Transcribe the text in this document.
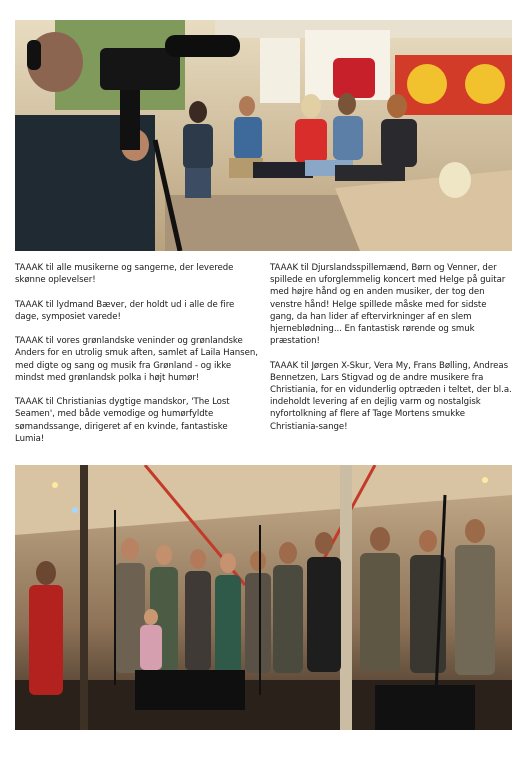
TAAAK til alle musikerne og sangerne, der leverede skønne oplevelser!

TAAAK til lydmand Bæver, der holdt ud i alle de fire dage, symposiet varede!

TAAAK til vores grønlandske veninder og grønlandske Anders for en utrolig smuk aften, samlet af Laila Hansen, med digte og sang og musik fra Grønland - og ikke mindst med grønlandsk polka i højt humør!

TAAAK til Christianias dygtige mandskor, 'The Lost Seamen', med både vemodige og humørfyldte sømandssange, dirigeret af en kvinde, fantastiske Lumia!

TAAAK til Djurslandsspillemænd, Børn og Venner, der spillede en uforglemmelig koncert med Helge på guitar med højre hånd og en anden musiker, der tog den venstre hånd! Helge spillede måske med for sidste gang, da han lider af eftervirkninger af en slem hjerneblødning... En fantastisk rørende og smuk præstation!

TAAAK til Jørgen X-Skur, Vera My, Frans Bølling, Andreas Bennetzen, Lars Stigvad og de andre musikere fra Christiania, for en vidunderlig optræden i teltet, der bl.a. indeholdt levering af en dejlig varm og nostalgisk nyfortolkning af flere af Tage Mortens smukke Christiania-sange!
